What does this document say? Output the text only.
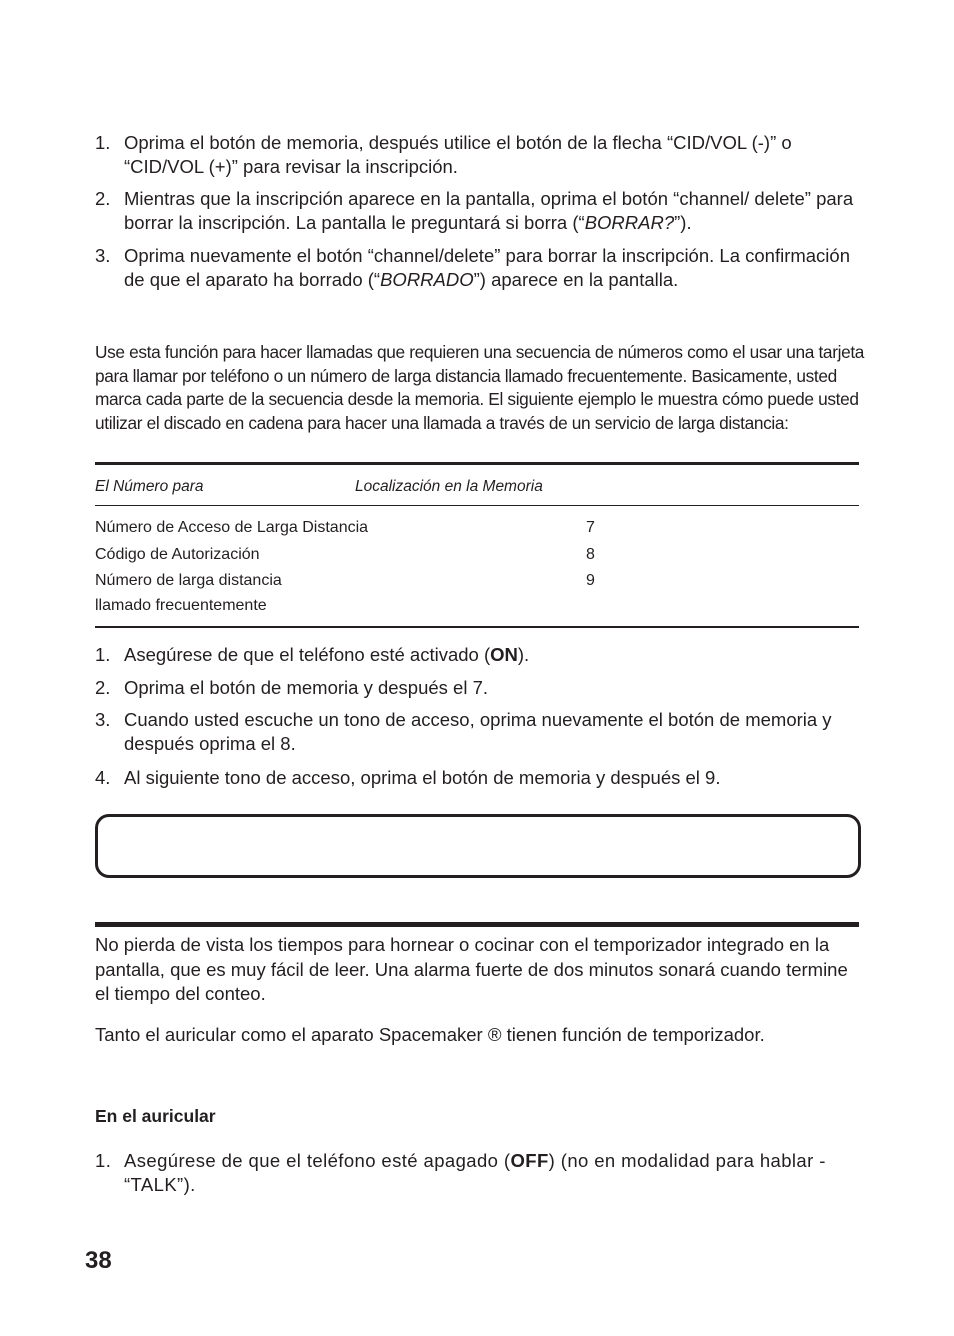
1. Oprima el botón de memoria, después utilice el botón de la flecha “CID/VOL (-)” o “CID/VOL (+)” para revisar la inscripción.
2. Mientras que la inscripción aparece en la pantalla, oprima el botón “channel/ delete” para borrar la inscripción. La pantalla le preguntará si borra (“BORRAR?”).
3. Oprima nuevamente el botón “channel/delete” para borrar la inscripción. La confirmación de que el aparato ha borrado (“BORRADO”) aparece en la pantalla.
Use esta función para hacer llamadas que requieren una secuencia de números como el usar una tarjeta para llamar por teléfono o un número de larga distancia llamado frecuentemente. Basicamente, usted marca cada parte de la secuencia desde la memoria. El siguiente ejemplo le muestra cómo puede usted utilizar el discado en cadena para hacer una llamada a través de un servicio de larga distancia:
El Número para	Localización en la Memoria
Número de Acceso de Larga Distancia	7
Código de Autorización	8
Número de larga distancia	9
llamado frecuentemente
1. Asegúrese de que el teléfono esté activado (ON).
2. Oprima el botón de memoria y después el 7.
3. Cuando usted escuche un tono de acceso, oprima nuevamente el botón de memoria y después oprima el 8.
4. Al siguiente tono de acceso, oprima el botón de memoria y después el 9.
No pierda de vista los tiempos para hornear o cocinar con el temporizador integrado en la pantalla, que es muy fácil de leer. Una alarma fuerte de dos minutos sonará cuando termine el tiempo del conteo.
Tanto el auricular como el aparato Spacemaker ® tienen función de temporizador.
En el auricular
1. Asegúrese de que el teléfono esté apagado (OFF) (no en modalidad para hablar - “TALK”).
38
